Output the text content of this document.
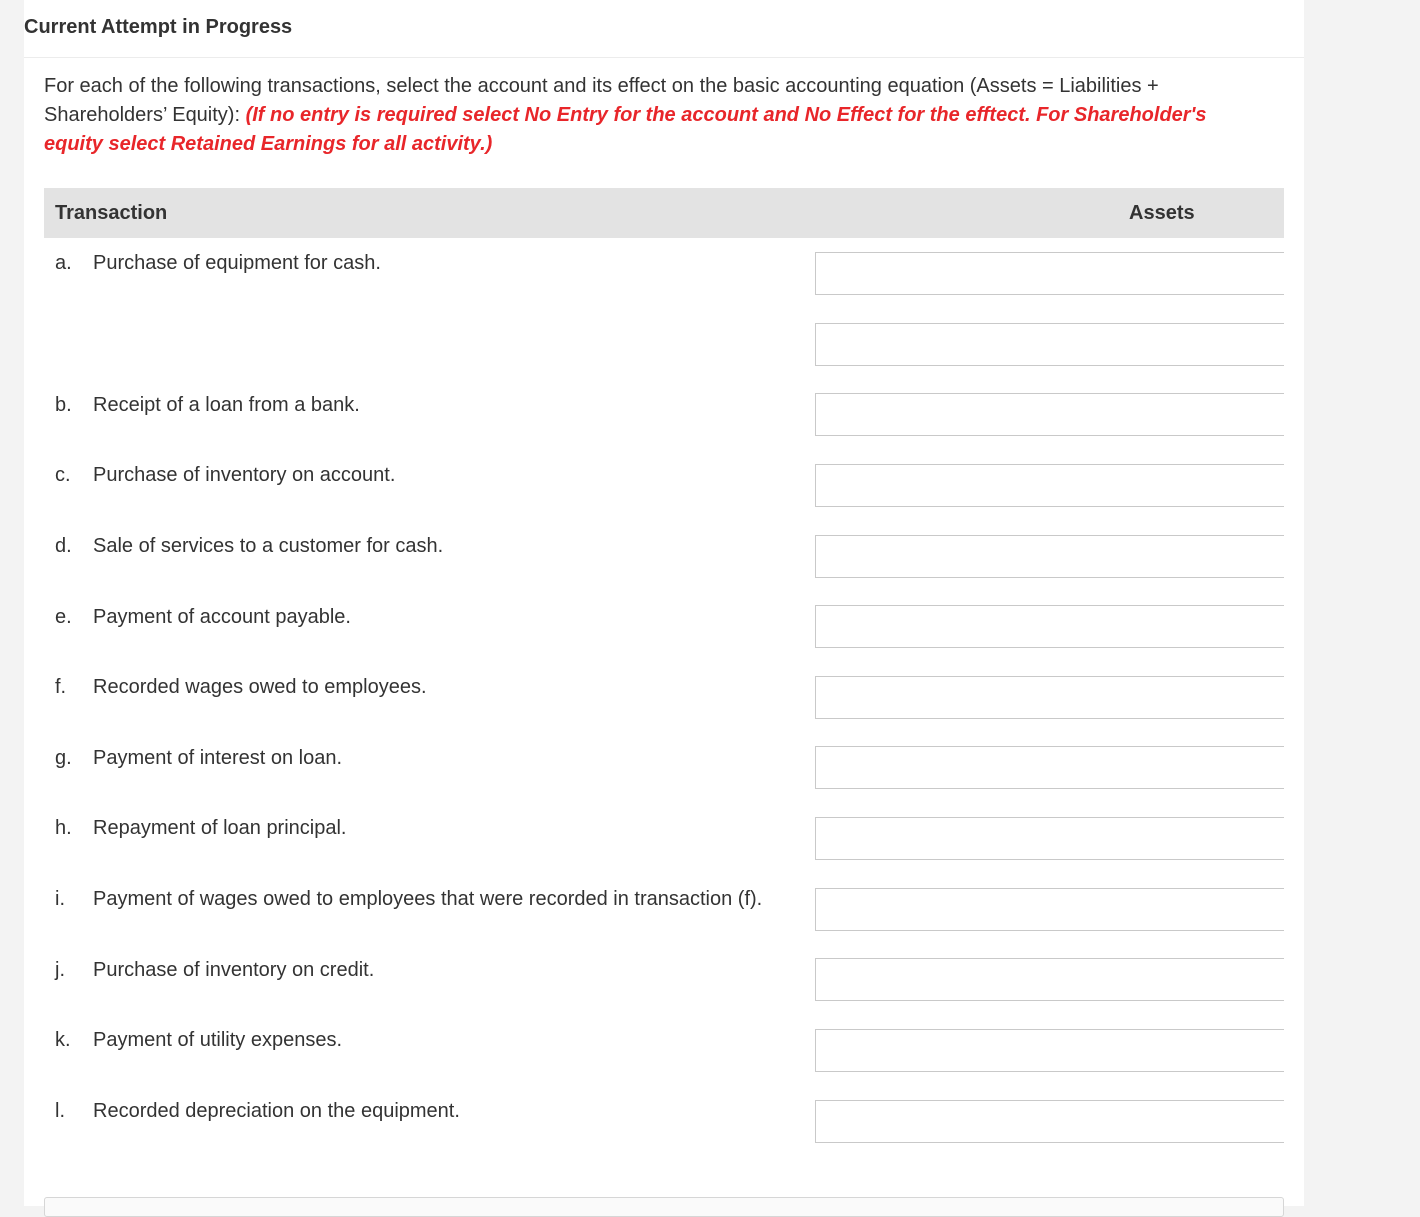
Current Attempt in Progress
For each of the following transactions, select the account and its effect on the basic accounting equation (Assets = Liabilities + Shareholders’ Equity): (If no entry is required select No Entry for the account and No Effect for the efftect. For Shareholder's equity select Retained Earnings for all activity.)
Transaction	Assets
a. Purchase of equipment for cash.
b. Receipt of a loan from a bank.
c. Purchase of inventory on account.
d. Sale of services to a customer for cash.
e. Payment of account payable.
f. Recorded wages owed to employees.
g. Payment of interest on loan.
h. Repayment of loan principal.
i. Payment of wages owed to employees that were recorded in transaction (f).
j. Purchase of inventory on credit.
k. Payment of utility expenses.
l. Recorded depreciation on the equipment.
